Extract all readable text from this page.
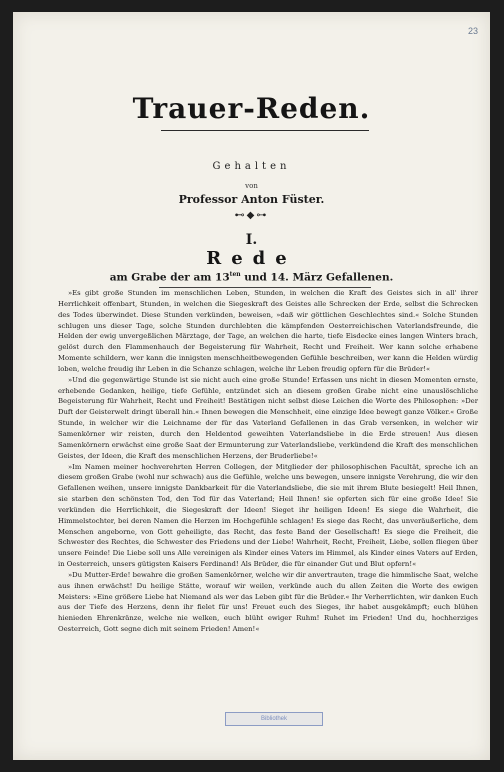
23
Trauer-Reden.
Gehalten
von
Professor Anton Füster.
⊷◆⊶
I.
Rede
am Grabe der am $13^{ten}$ und 14. März Gefallenen.

»Es gibt große Stunden im menschlichen Leben, Stunden, in welchen die Kraft des Geistes sich in all' ihrer Herrlichkeit offenbart, Stunden, in welchen die Siegeskraft des Geistes alle Schrecken der Erde, selbst die Schrecken des Todes überwindet. Diese Stunden verkünden, beweisen, »daß wir göttlichen Geschlechtes sind.« Solche Stunden schlugen uns dieser Tage, solche Stunden durchlebten die kämpfenden Oesterreichischen Vaterlandsfreunde, die Helden der ewig unvergeßlichen Märztage, der Tage, an welchen die harte, tiefe Eisdecke eines langen Winters brach, gelöst durch den Flammenhauch der Begeisterung für Wahrheit, Recht und Freiheit. Wer kann solche erhabene Momente schildern, wer kann die innigsten menschheitbewegenden Gefühle beschreiben, wer kann die Helden würdig loben, welche freudig ihr Leben in die Schanze schlagen, welche ihr Leben freudig opfern für die Brüder!«

»Und die gegenwärtige Stunde ist sie nicht auch eine große Stunde! Erfassen uns nicht in diesen Momenten ernste, erhebende Gedanken, heilige, tiefe Gefühle, entzündet sich an diesem großen Grabe nicht eine unauslöschliche Begeisterung für Wahrheit, Recht und Freiheit! Bestätigen nicht selbst diese Leichen die Worte des Philosophen: »Der Duft der Geisterwelt dringt überall hin.« Ihnen bewegen die Menschheit, eine einzige Idee bewegt ganze Völker.« Große Stunde, in welcher wir die Leichname der für das Vaterland Gefallenen in das Grab versenken, in welcher wir Samenkörner wir reisten, durch den Heldentod geweihten Vaterlandsliebe in die Erde streuen! Aus diesen Samenkörnern erwächst eine große Saat der Ermunterung zur Vaterlandsliebe, verkündend die Kraft des menschlichen Geistes, der Ideen, die Kraft des menschlichen Herzens, der Bruderliebe!«

»Im Namen meiner hochverehrten Herren Collegen, der Mitglieder der philosophischen Facultät, spreche ich an diesem großen Grabe (wohl nur schwach) aus die Gefühle, welche uns bewegen, unsere innigste Verehrung, die wir den Gefallenen weihen, unsere innigste Dankbarkeit für die Vaterlandsliebe, die sie mit ihrem Blute besiegelt! Heil Ihnen, sie starben den schönsten Tod, den Tod für das Vaterland; Heil Ihnen! sie opferten sich für eine große Idee! Sie verkünden die Herrlichkeit, die Siegeskraft der Ideen! Sieget ihr heiligen Ideen! Es siege die Wahrheit, die Himmelstochter, bei deren Namen die Herzen im Hochgefühle schlagen! Es siege das Recht, das unveräußerliche, dem Menschen angeborne, von Gott geheiligte, das Recht, das feste Band der Gesellschaft! Es siege die Freiheit, die Schwester des Rechtes, die Schwester des Friedens und der Liebe! Wahrheit, Recht, Freiheit, Liebe, sollen fliegen über unsere Feinde! Die Liebe soll uns Alle vereinigen als Kinder eines Vaters im Himmel, als Kinder eines Vaters auf Erden, in Oesterreich, unsers gütigsten Kaisers Ferdinand! Als Brüder, die für einander Gut und Blut opfern!«

»Du Mutter-Erde! bewahre die großen Samenkörner, welche wir dir anvertrauten, trage die himmlische Saat, welche aus ihnen erwächst! Du heilige Stätte, worauf wir weilen, verkünde auch du allen Zeiten die Worte des ewigen Meisters: »Eine größere Liebe hat Niemand als wer das Leben gibt für die Brüder.« Ihr Verherrlichten, wir danken Euch aus der Tiefe des Herzens, denn ihr fielet für uns! Freuet euch des Sieges, ihr habet ausgekämpft; euch blühen hienieden Ehrenkränze, welche nie welken, euch blüht ewiger Ruhm! Ruhet im Frieden! Und du, hochherziges Oesterreich, Gott segne dich mit seinem Frieden! Amen!«

Bibliothek
